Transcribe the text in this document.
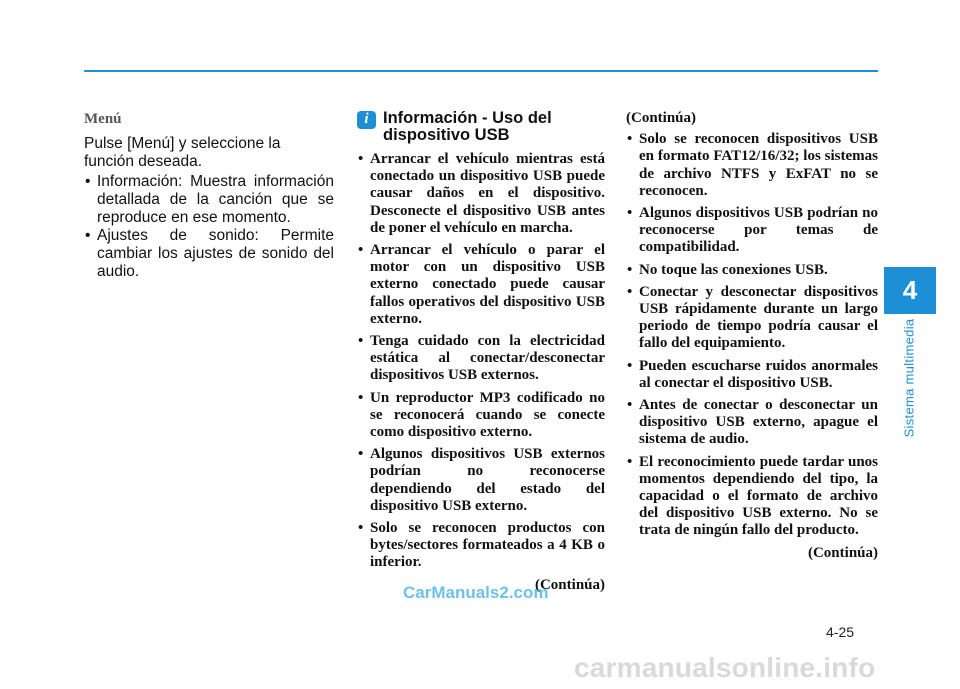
4
Sistema multimedia
Menú

Pulse [Menú] y seleccione la función deseada.

• Información: Muestra información detallada de la canción que se reproduce en ese momento.
• Ajustes de sonido: Permite cambiar los ajustes de sonido del audio.
i Información - Uso del dispositivo USB
• Arrancar el vehículo mientras está conectado un dispositivo USB puede causar daños en el dispositivo. Desconecte el dispositivo USB antes de poner el vehículo en marcha.
• Arrancar el vehículo o parar el motor con un dispositivo USB externo conectado puede causar fallos operativos del dispositivo USB externo.
• Tenga cuidado con la electricidad estática al conectar/desconectar dispositivos USB externos.
• Un reproductor MP3 codificado no se reconocerá cuando se conecte como dispositivo externo.
• Algunos dispositivos USB externos podrían no reconocerse dependiendo del estado del dispositivo USB externo.
• Solo se reconocen productos con bytes/sectores formateados a 4 KB o inferior.
(Continúa)
(Continúa)
• Solo se reconocen dispositivos USB en formato FAT12/16/32; los sistemas de archivo NTFS y ExFAT no se reconocen.
• Algunos dispositivos USB podrían no reconocerse por temas de compatibilidad.
• No toque las conexiones USB.
• Conectar y desconectar dispositivos USB rápidamente durante un largo periodo de tiempo podría causar el fallo del equipamiento.
• Pueden escucharse ruidos anormales al conectar el dispositivo USB.
• Antes de conectar o desconectar un dispositivo USB externo, apague el sistema de audio.
• El reconocimiento puede tardar unos momentos dependiendo del tipo, la capacidad o el formato de archivo del dispositivo USB externo. No se trata de ningún fallo del producto.
(Continúa)
CarManuals2.com
4-25
carmanualsonline.info
